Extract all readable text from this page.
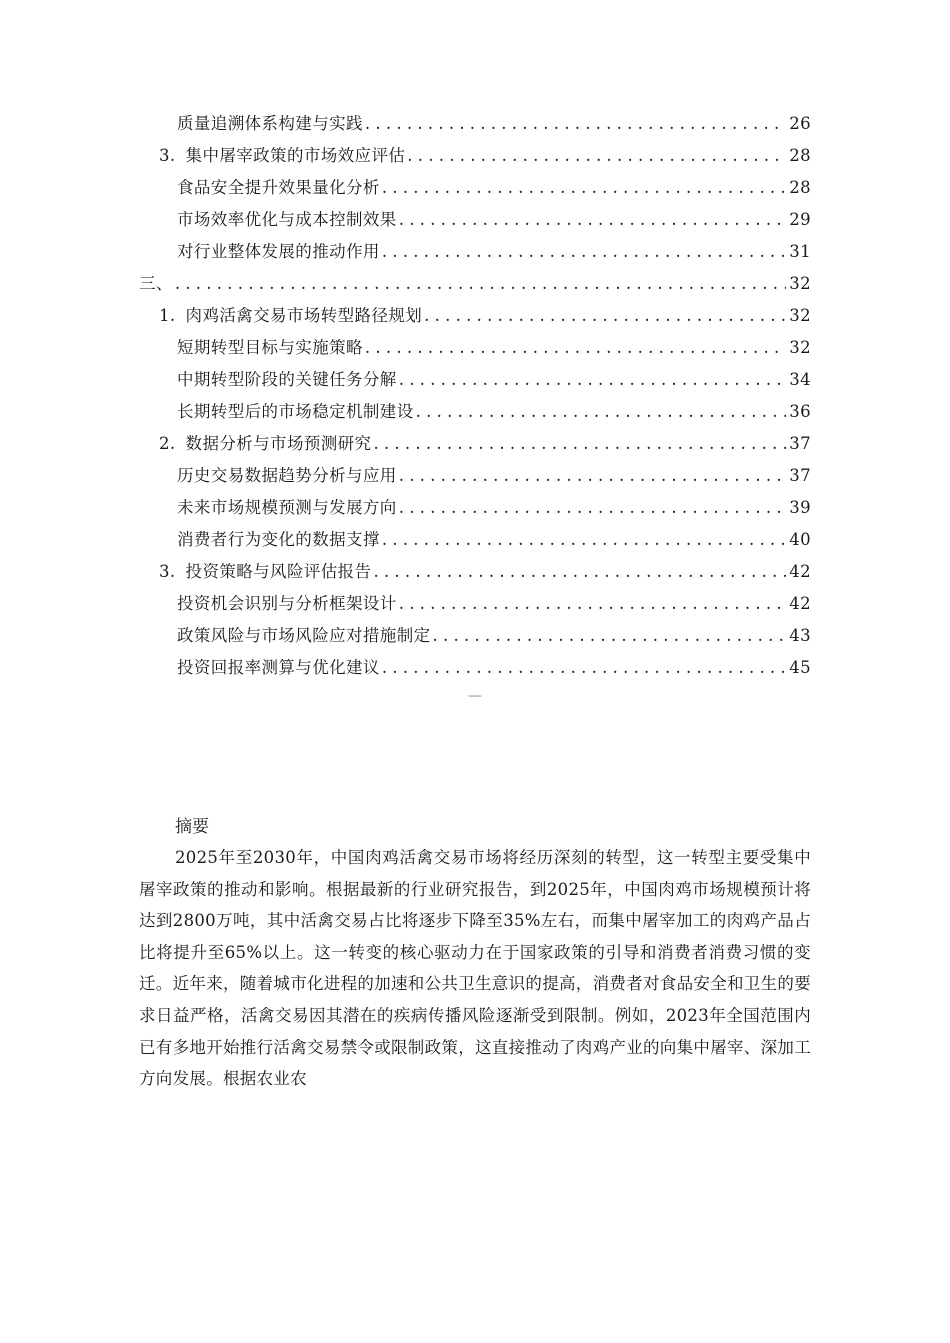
质量追溯体系构建与实践 . . .	26
3. 集中屠宰政策的市场效应评估 . . .	28
食品安全提升效果量化分析 . . .	28
市场效率优化与成本控制效果 . . .	29
对行业整体发展的推动作用 . . .	31
三、 . . .	32
1. 肉鸡活禽交易市场转型路径规划 . . .	32
短期转型目标与实施策略 . . .	32
中期转型阶段的关键任务分解 . . .	34
长期转型后的市场稳定机制建设 . . .	36
2. 数据分析与市场预测研究 . . .	37
历史交易数据趋势分析与应用 . . .	37
未来市场规模预测与发展方向 . . .	39
消费者行为变化的数据支撑 . . .	40
3. 投资策略与风险评估报告 . . .	42
投资机会识别与分析框架设计 . . .	42
政策风险与市场风险应对措施制定 . . .	43
投资回报率测算与优化建议 . . .	45
—

摘要

2025年至2030年，中国肉鸡活禽交易市场将经历深刻的转型，这一转型主要受集中屠宰政策的推动和影响。根据最新的行业研究报告，到2025年，中国肉鸡市场规模预计将达到2800万吨，其中活禽交易占比将逐步下降至35%左右，而集中屠宰加工的肉鸡产品占比将提升至65%以上。这一转变的核心驱动力在于国家政策的引导和消费者消费习惯的变迁。近年来，随着城市化进程的加速和公共卫生意识的提高，消费者对食品安全和卫生的要求日益严格，活禽交易因其潜在的疾病传播风险逐渐受到限制。例如，2023年全国范围内已有多地开始推行活禽交易禁令或限制政策，这直接推动了肉鸡产业的向集中屠宰、深加工方向发展。根据农业农
